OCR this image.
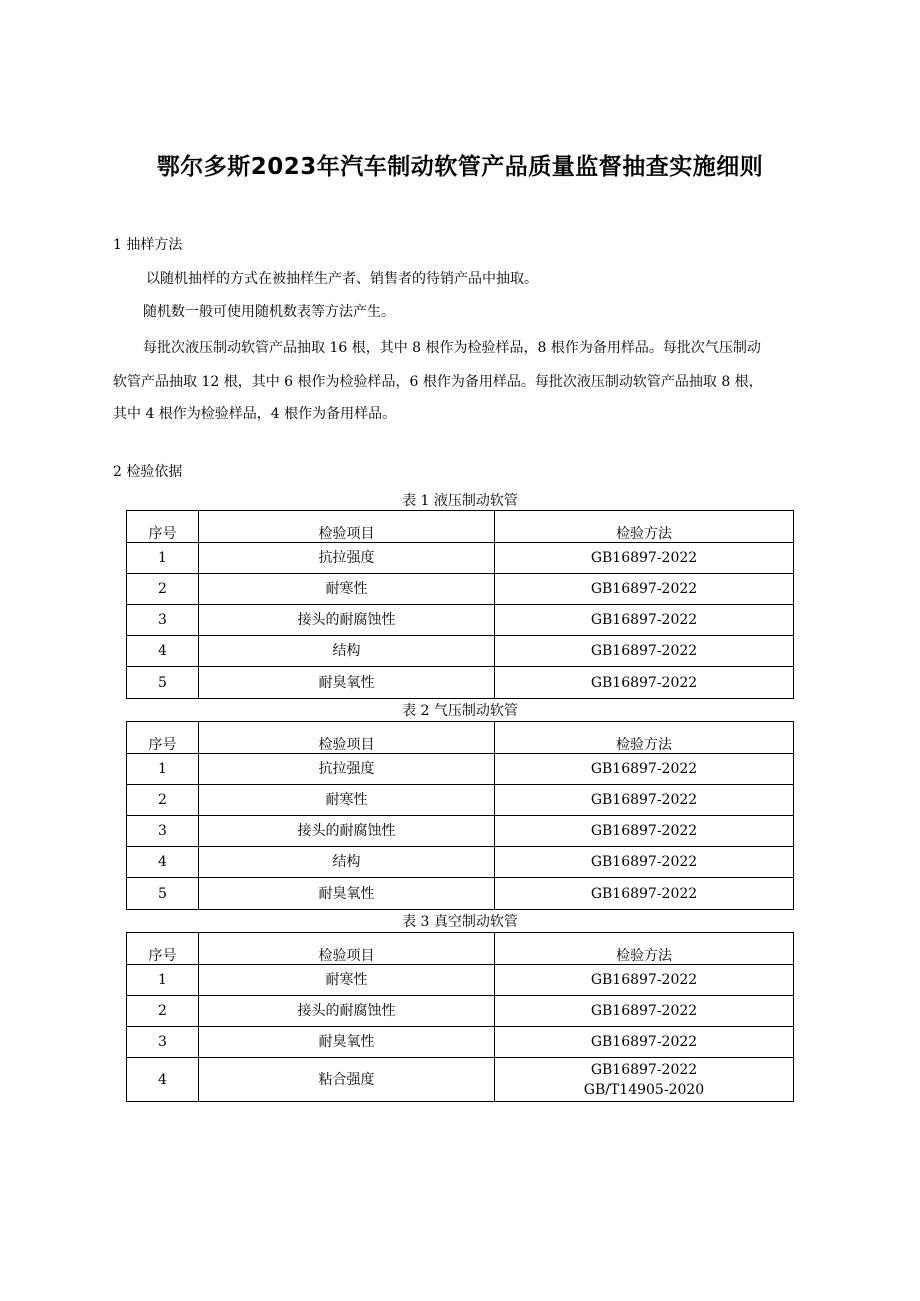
鄂尔多斯2023年汽车制动软管产品质量监督抽查实施细则
1 抽样方法
以随机抽样的方式在被抽样生产者、销售者的待销产品中抽取。
随机数一般可使用随机数表等方法产生。
每批次液压制动软管产品抽取 16 根，其中 8 根作为检验样品，8 根作为备用样品。每批次气压制动
软管产品抽取 12 根，其中 6 根作为检验样品，6 根作为备用样品。每批次液压制动软管产品抽取 8 根，
其中 4 根作为检验样品，4 根作为备用样品。
2 检验依据
表 1 液压制动软管
序号	检验项目	检验方法
1	抗拉强度	GB16897-2022
2	耐寒性	GB16897-2022
3	接头的耐腐蚀性	GB16897-2022
4	结构	GB16897-2022
5	耐臭氧性	GB16897-2022
表 2 气压制动软管
序号	检验项目	检验方法
1	抗拉强度	GB16897-2022
2	耐寒性	GB16897-2022
3	接头的耐腐蚀性	GB16897-2022
4	结构	GB16897-2022
5	耐臭氧性	GB16897-2022
表 3 真空制动软管
序号	检验项目	检验方法
1	耐寒性	GB16897-2022
2	接头的耐腐蚀性	GB16897-2022
3	耐臭氧性	GB16897-2022
4	粘合强度	GB16897-2022
GB/T14905-2020
